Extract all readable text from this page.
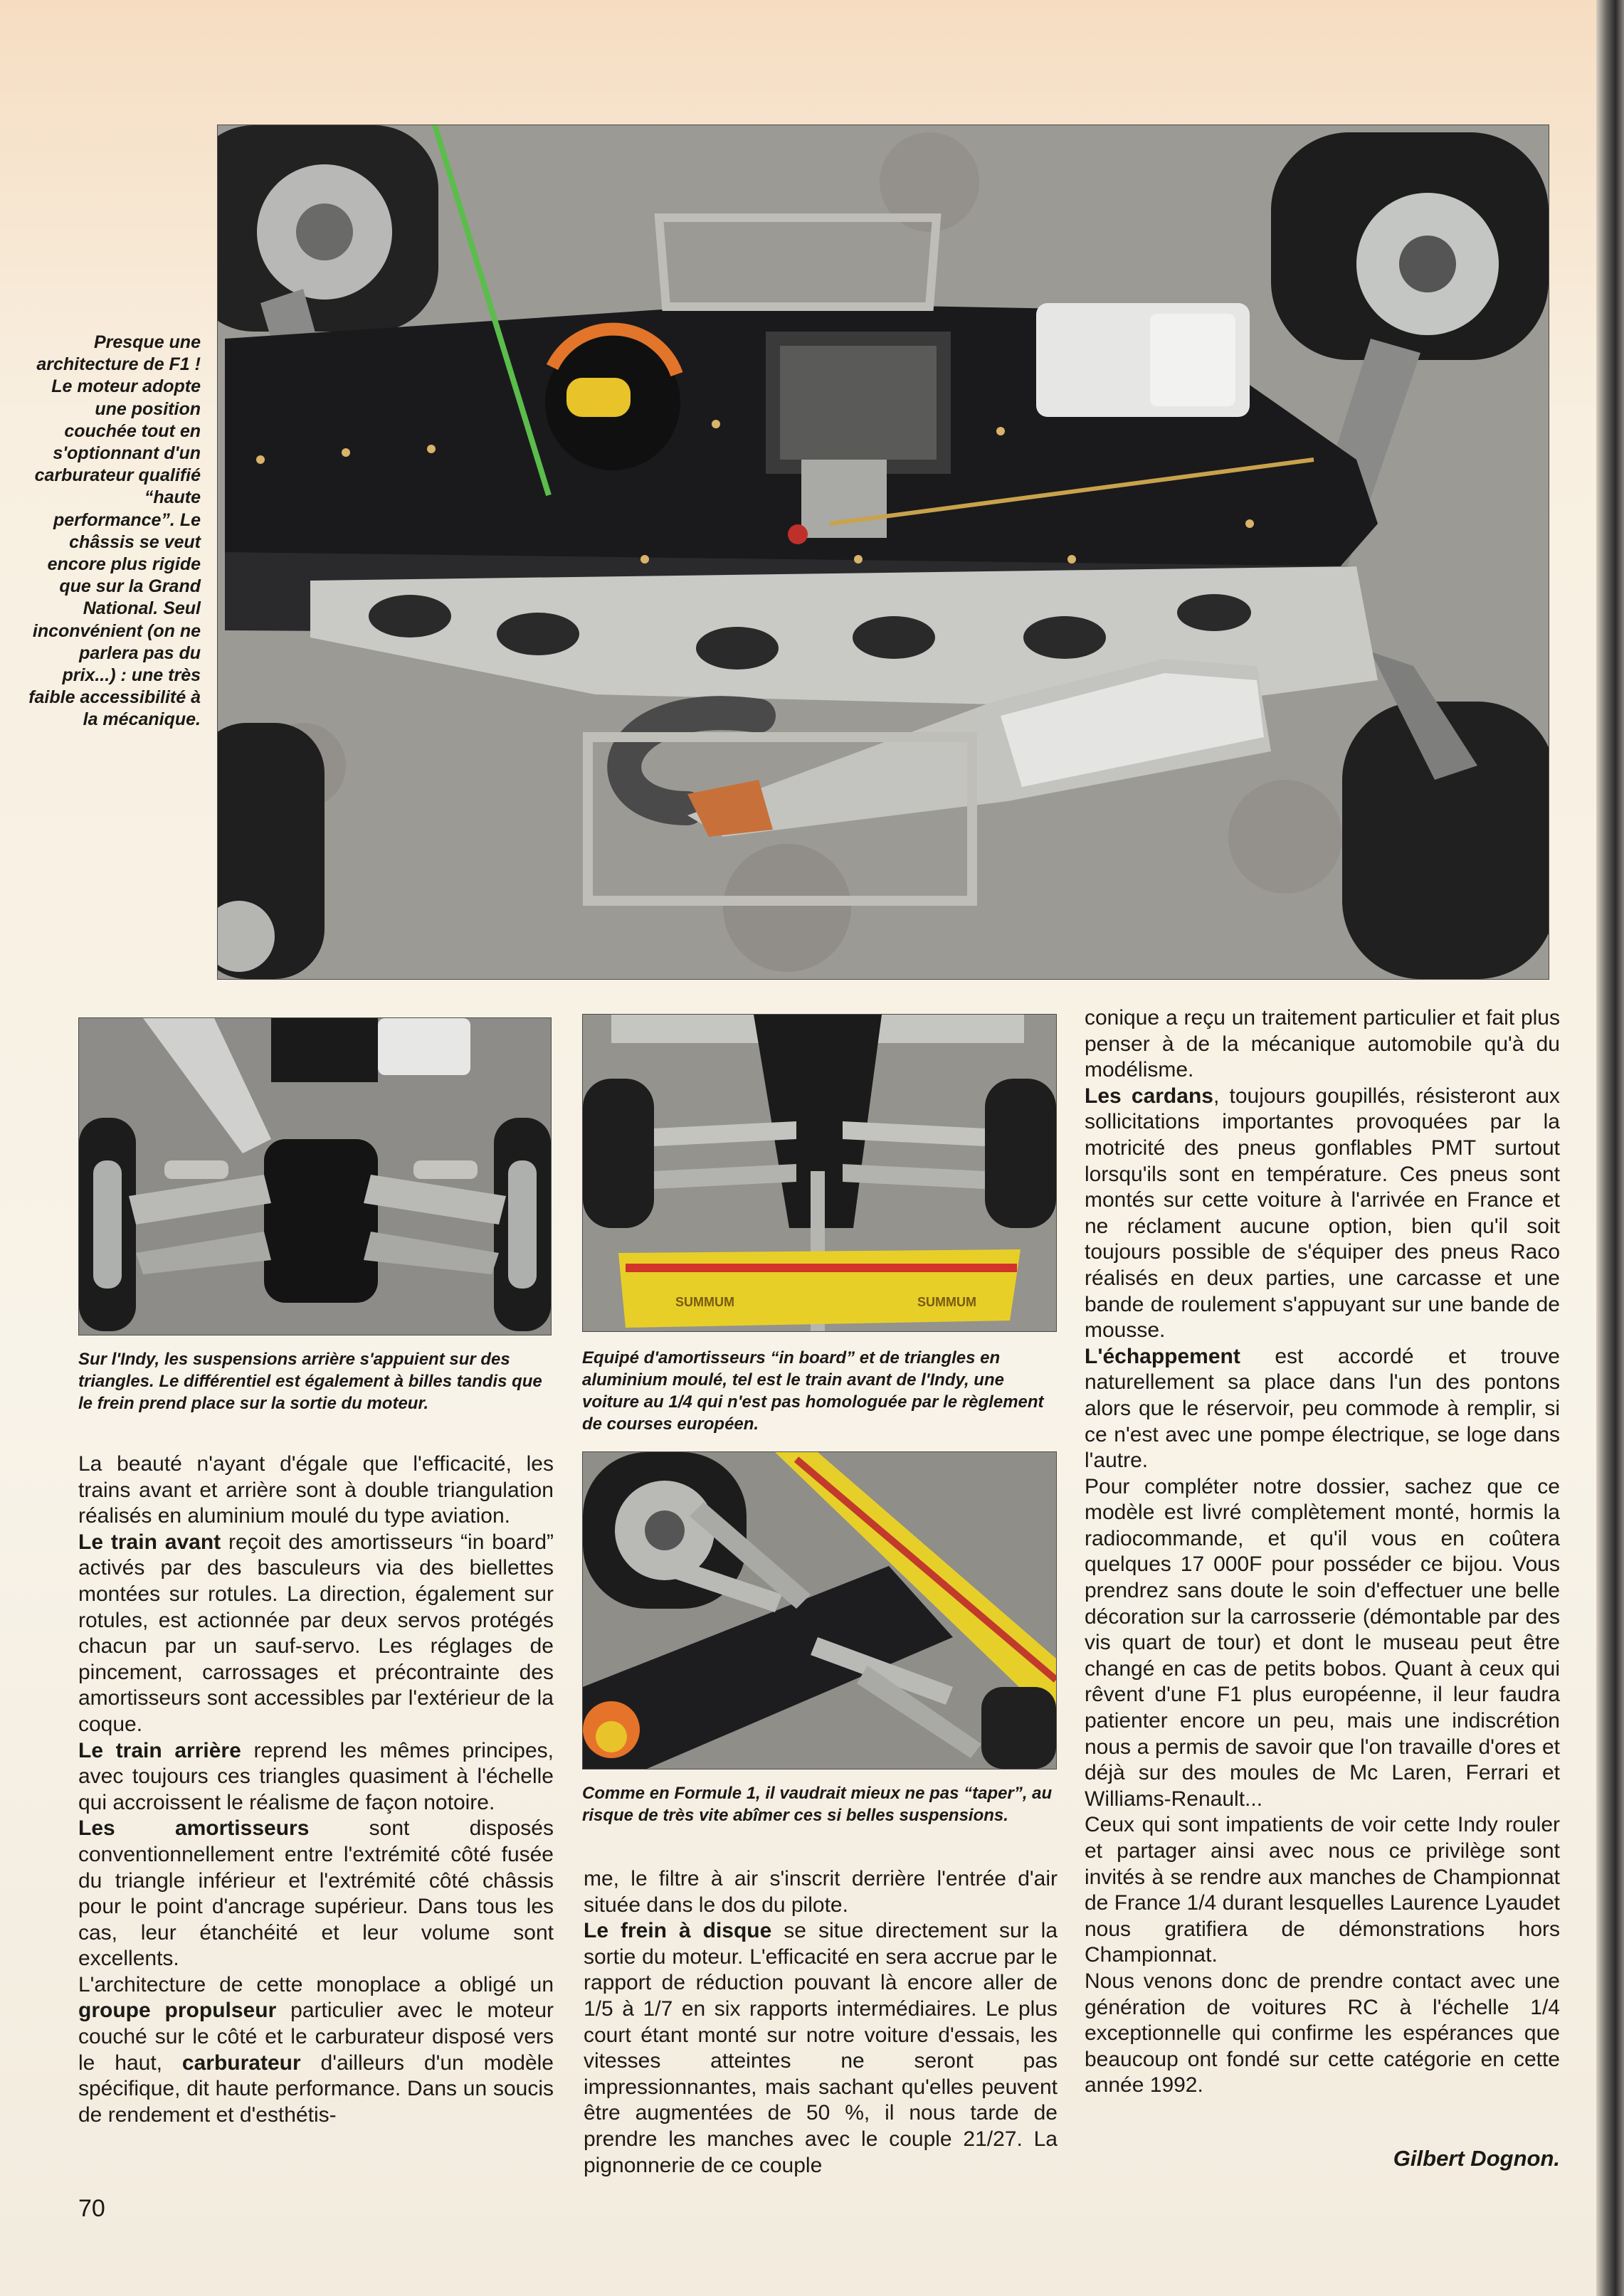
Presque une architecture de F1 ! Le moteur adopte une position couchée tout en s'optionnant d'un carburateur qualifié “haute performance”. Le châssis se veut encore plus rigide que sur la Grand National. Seul inconvénient (on ne parlera pas du prix...) : une très faible accessibilité à la mécanique.
Sur l'Indy, les suspensions arrière s'appuient sur des triangles. Le différentiel est également à billes tandis que le frein prend place sur la sortie du moteur.
SUMMUM	SUMMUM
Equipé d'amortisseurs “in board” et de triangles en aluminium moulé, tel est le train avant de l'Indy, une voiture au 1/4 qui n'est pas homologuée par le règlement de courses européen.
Comme en Formule 1, il vaudrait mieux ne pas “taper”, au risque de très vite abîmer ces si belles suspensions.

La beauté n'ayant d'égale que l'efficacité, les trains avant et arrière sont à double triangulation réalisés en aluminium moulé du type aviation.

Le train avant reçoit des amortisseurs “in board” activés par des basculeurs via des biellettes montées sur rotules. La direction, également sur rotules, est actionnée par deux servos protégés chacun par un sauf-servo. Les réglages de pincement, carrossages et précontrainte des amortisseurs sont accessibles par l'extérieur de la coque.

Le train arrière reprend les mêmes principes, avec toujours ces triangles quasiment à l'échelle qui accroissent le réalisme de façon notoire.

Les amortisseurs sont disposés conventionnellement entre l'extrémité côté fusée du triangle inférieur et l'extrémité côté châssis pour le point d'ancrage supérieur. Dans tous les cas, leur étanchéité et leur volume sont excellents.

L'architecture de cette monoplace a obligé un groupe propulseur particulier avec le moteur couché sur le côté et le carburateur disposé vers le haut, carburateur d'ailleurs d'un modèle spécifique, dit haute performance. Dans un soucis de rendement et d'esthétis-

me, le filtre à air s'inscrit derrière l'entrée d'air située dans le dos du pilote.

Le frein à disque se situe directement sur la sortie du moteur. L'efficacité en sera accrue par le rapport de réduction pouvant là encore aller de 1/5 à 1/7 en six rapports intermédiaires. Le plus court étant monté sur notre voiture d'essais, les vitesses atteintes ne seront pas impressionnantes, mais sachant qu'elles peuvent être augmentées de 50 %, il nous tarde de prendre les manches avec le couple 21/27. La pignonnerie de ce couple

conique a reçu un traitement particulier et fait plus penser à de la mécanique automobile qu'à du modélisme.

Les cardans, toujours goupillés, résisteront aux sollicitations importantes provoquées par la motricité des pneus gonflables PMT surtout lorsqu'ils sont en température. Ces pneus sont montés sur cette voiture à l'arrivée en France et ne réclament aucune option, bien qu'il soit toujours possible de s'équiper des pneus Raco réalisés en deux parties, une carcasse et une bande de roulement s'appuyant sur une bande de mousse.

L'échappement est accordé et trouve naturellement sa place dans l'un des pontons alors que le réservoir, peu commode à remplir, si ce n'est avec une pompe électrique, se loge dans l'autre.

Pour compléter notre dossier, sachez que ce modèle est livré complètement monté, hormis la radiocommande, et qu'il vous en coûtera quelques 17 000F pour posséder ce bijou. Vous prendrez sans doute le soin d'effectuer une belle décoration sur la carrosserie (démontable par des vis quart de tour) et dont le museau peut être changé en cas de petits bobos. Quant à ceux qui rêvent d'une F1 plus européenne, il leur faudra patienter encore un peu, mais une indiscrétion nous a permis de savoir que l'on travaille d'ores et déjà sur des moules de Mc Laren, Ferrari et Williams-Renault...

Ceux qui sont impatients de voir cette Indy rouler et partager ainsi avec nous ce privilège sont invités à se rendre aux manches de Championnat de France 1/4 durant lesquelles Laurence Lyaudet nous gratifiera de démonstrations hors Championnat.

Nous venons donc de prendre contact avec une génération de voitures RC à l'échelle 1/4 exceptionnelle qui confirme les espérances que beaucoup ont fondé sur cette catégorie en cette année 1992.

Gilbert Dognon.
70
